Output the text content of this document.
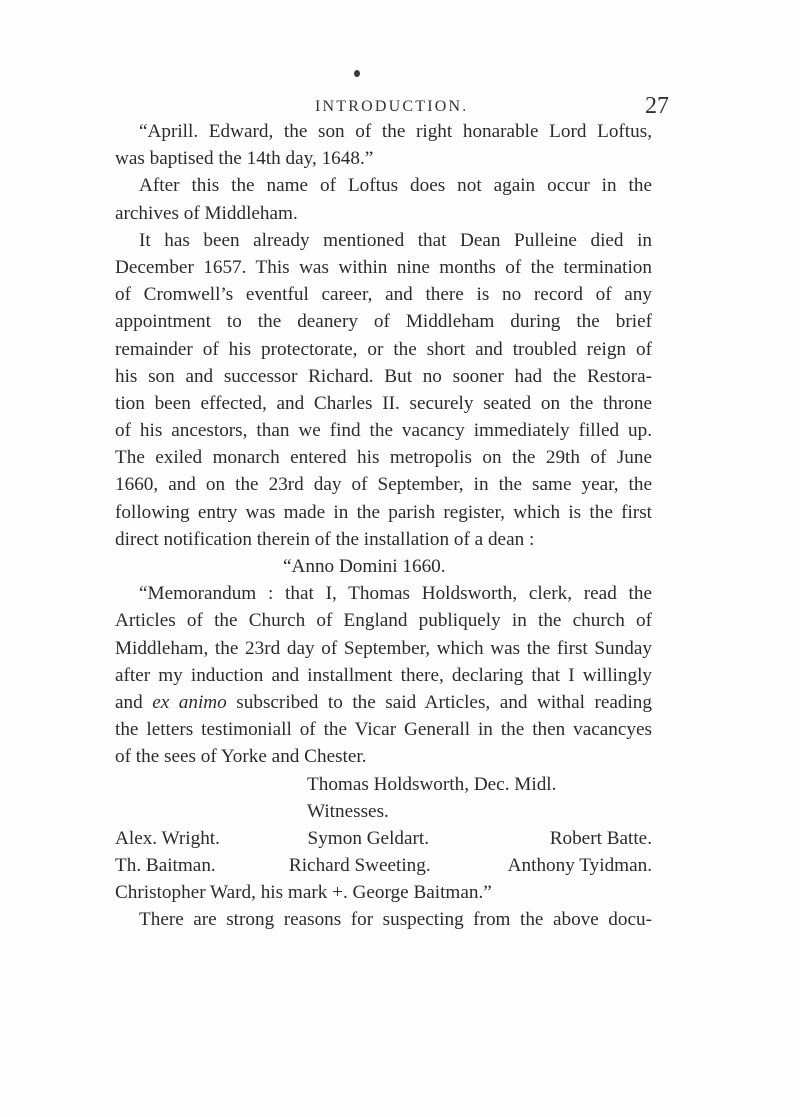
INTRODUCTION.	27
“Aprill. Edward, the son of the right honarable Lord Loftus,
was baptised the 14th day, 1648.”
After this the name of Loftus does not again occur in the
archives of Middleham.
It has been already mentioned that Dean Pulleine died in
December 1657. This was within nine months of the termination
of Cromwell’s eventful career, and there is no record of any
appointment to the deanery of Middleham during the brief
remainder of his protectorate, or the short and troubled reign of
his son and successor Richard. But no sooner had the Restora-
tion been effected, and Charles II. securely seated on the throne
of his ancestors, than we find the vacancy immediately filled up.
The exiled monarch entered his metropolis on the 29th of June
1660, and on the 23rd day of September, in the same year, the
following entry was made in the parish register, which is the first
direct notification therein of the installation of a dean :
“Anno Domini 1660.
“Memorandum : that I, Thomas Holdsworth, clerk, read the
Articles of the Church of England publiquely in the church of
Middleham, the 23rd day of September, which was the first Sunday
after my induction and installment there, declaring that I willingly
and ex animo subscribed to the said Articles, and withal reading
the letters testimoniall of the Vicar Generall in the then vacancyes
of the sees of Yorke and Chester.
Thomas Holdsworth, Dec. Midl.
Witnesses.
Alex. Wright.	Symon Geldart.	Robert Batte.
Th. Baitman.	Richard Sweeting.	Anthony Tyidman.
Christopher Ward, his mark +. George Baitman.”
There are strong reasons for suspecting from the above docu-
